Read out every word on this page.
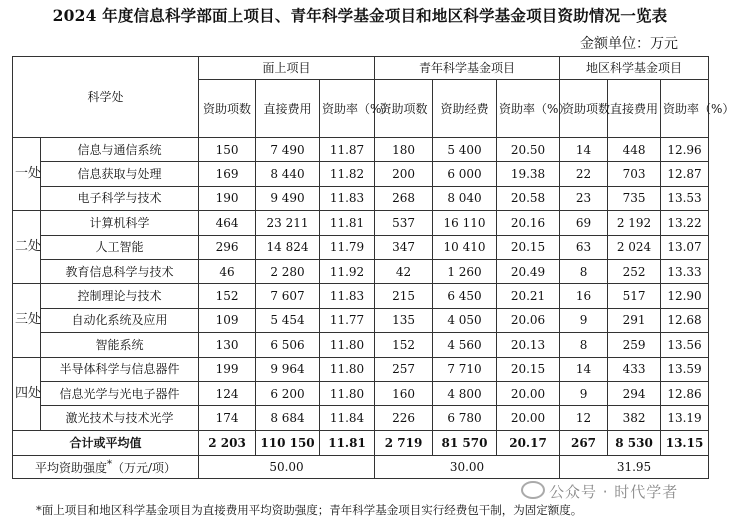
2024 年度信息科学部面上项目、青年科学基金项目和地区科学基金项目资助情况一览表
金额单位：万元
科学处		面上项目			青年科学基金项目			地区科学基金项目		
		资助项数	直接费用	资助率（%）	资助项数	资助经费	资助率（%）	资助项数	直接费用	资助率（%）
一处	信息与通信系统	150	7 490	11.87	180	5 400	20.50	14	448	12.96
	信息获取与处理	169	8 440	11.82	200	6 000	19.38	22	703	12.87
	电子科学与技术	190	9 490	11.83	268	8 040	20.58	23	735	13.53
二处	计算机科学	464	23 211	11.81	537	16 110	20.16	69	2 192	13.22
	人工智能	296	14 824	11.79	347	10 410	20.15	63	2 024	13.07
	教育信息科学与技术	46	2 280	11.92	42	1 260	20.49	8	252	13.33
三处	控制理论与技术	152	7 607	11.83	215	6 450	20.21	16	517	12.90
	自动化系统及应用	109	5 454	11.77	135	4 050	20.06	9	291	12.68
	智能系统	130	6 506	11.80	152	4 560	20.13	8	259	13.56
四处	半导体科学与信息器件	199	9 964	11.80	257	7 710	20.15	14	433	13.59
	信息光学与光电子器件	124	6 200	11.80	160	4 800	20.00	9	294	12.86
	激光技术与技术光学	174	8 684	11.84	226	6 780	20.00	12	382	13.19
合计或平均值		2 203	110 150	11.81	2 719	81 570	20.17	267	8 530	13.15
平均资助强度*（万元/项）		50.00			30.00			31.95		
*面上项目和地区科学基金项目为直接费用平均资助强度；青年科学基金项目实行经费包干制，为固定额度。
公众号 · 时代学者
